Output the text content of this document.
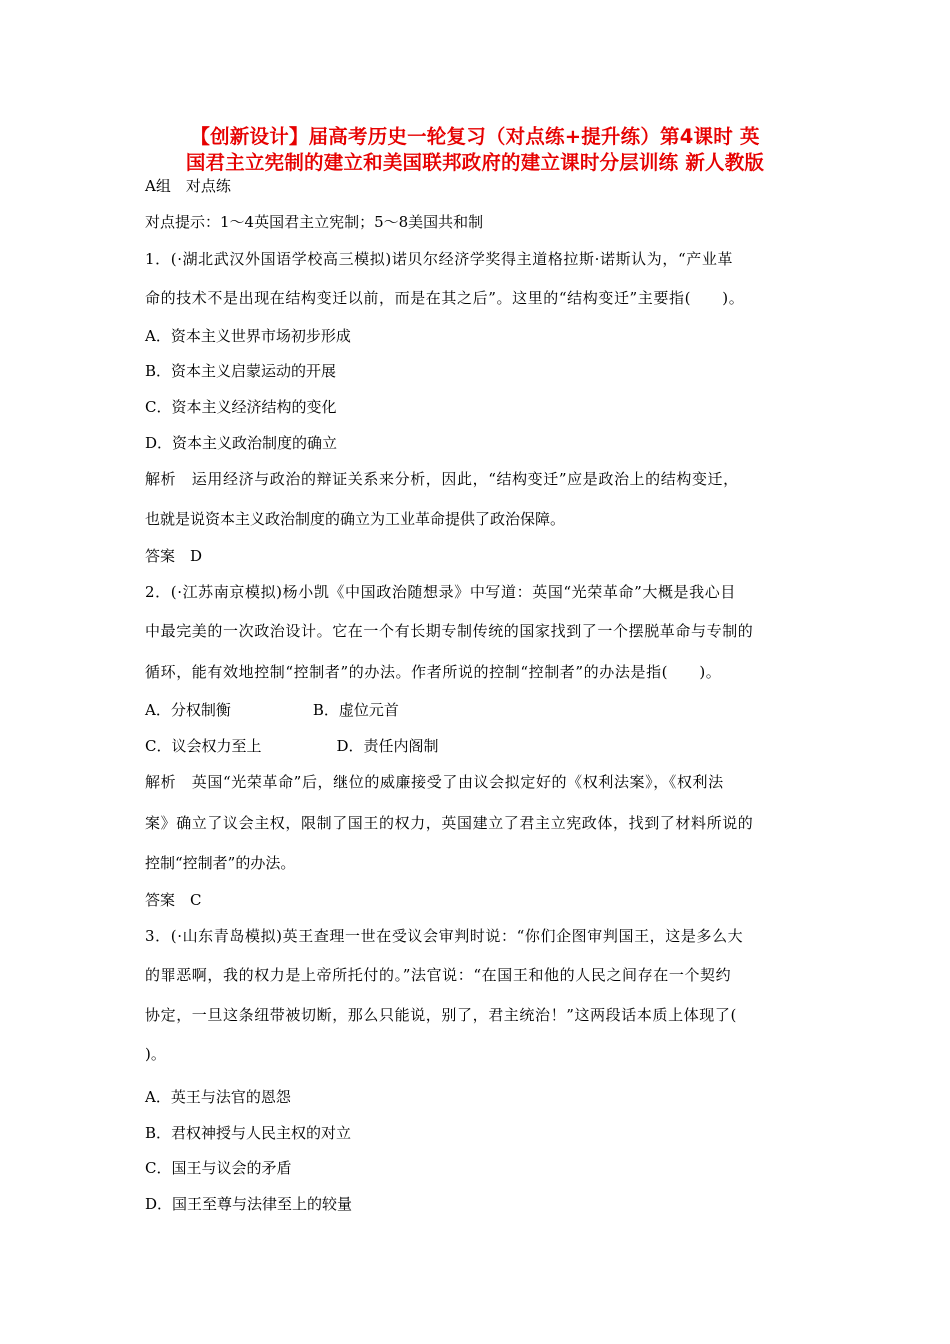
【创新设计】届高考历史一轮复习（对点练+提升练）第4课时 英
国君主立宪制的建立和美国联邦政府的建立课时分层训练 新人教版
A组　对点练
对点提示：1～4英国君主立宪制；5～8美国共和制
1．(·湖北武汉外国语学校高三模拟)诺贝尔经济学奖得主道格拉斯·诺斯认为，“产业革
命的技术不是出现在结构变迁以前，而是在其之后”。这里的“结构变迁”主要指(　　)。
A．资本主义世界市场初步形成
B．资本主义启蒙运动的开展
C．资本主义经济结构的变化
D．资本主义政治制度的确立
解析　运用经济与政治的辩证关系来分析，因此，“结构变迁”应是政治上的结构变迁，
也就是说资本主义政治制度的确立为工业革命提供了政治保障。
答案　D
2．(·江苏南京模拟)杨小凯《中国政治随想录》中写道：英国“光荣革命”大概是我心目
中最完美的一次政治设计。它在一个有长期专制传统的国家找到了一个摆脱革命与专制的
循环，能有效地控制“控制者”的办法。作者所说的控制“控制者”的办法是指(　　)。
A．分权制衡	B．虚位元首
C．议会权力至上	D．责任内阁制
解析　英国“光荣革命”后，继位的威廉接受了由议会拟定好的《权利法案》，《权利法
案》确立了议会主权，限制了国王的权力，英国建立了君主立宪政体，找到了材料所说的
控制“控制者”的办法。
答案　C
3．(·山东青岛模拟)英王查理一世在受议会审判时说：“你们企图审判国王，这是多么大
的罪恶啊，我的权力是上帝所托付的。”法官说：“在国王和他的人民之间存在一个契约
协定，一旦这条纽带被切断，那么只能说，别了，君主统治！”这两段话本质上体现了(
)。
A．英王与法官的恩怨
B．君权神授与人民主权的对立
C．国王与议会的矛盾
D．国王至尊与法律至上的较量
